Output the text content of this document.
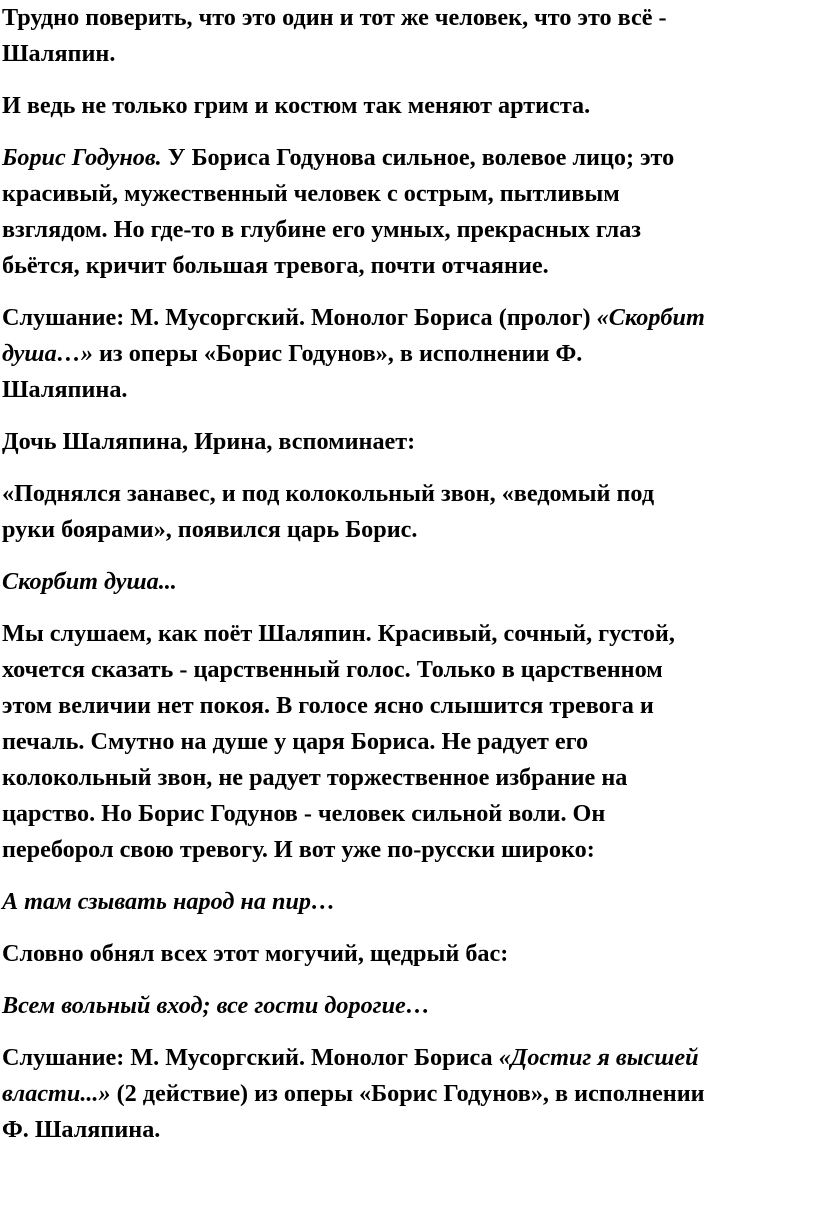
Трудно поверить, что это один и тот же человек, что это всё -
Шаляпин.

И ведь не только грим и костюм так меняют артиста.

Борис Годунов. У Бориса Годунова сильное, волевое лицо; это
красивый, мужественный человек с острым, пытливым
взглядом. Но где-то в глубине его умных, прекрасных глаз
бьётся, кричит большая тревога, почти отчаяние.

Слушание: М. Мусоргский. Монолог Бориса (пролог) «Скорбит
душа…» из оперы «Борис Годунов», в исполнении Ф.
Шаляпина.

Дочь Шаляпина, Ирина, вспоминает:

«Поднялся занавес, и под колокольный звон, «ведомый под
руки боярами», появился царь Борис.

Скорбит душа...

Мы слушаем, как поёт Шаляпин. Красивый, сочный, густой,
хочется сказать - царственный голос. Только в царственном
этом величии нет покоя. В голосе ясно слышится тревога и
печаль. Смутно на душе у царя Бориса. Не радует его
колокольный звон, не радует торжественное избрание на
царство. Но Борис Годунов - человек сильной воли. Он
переборол свою тревогу. И вот уже по-русски широко:

А там сзывать народ на пир…

Словно обнял всех этот могучий, щедрый бас:

Всем вольный вход; все гости дорогие…

Слушание: М. Мусоргский. Монолог Бориса «Достиг я высшей
власти...» (2 действие) из оперы «Борис Годунов», в исполнении
Ф. Шаляпина.
